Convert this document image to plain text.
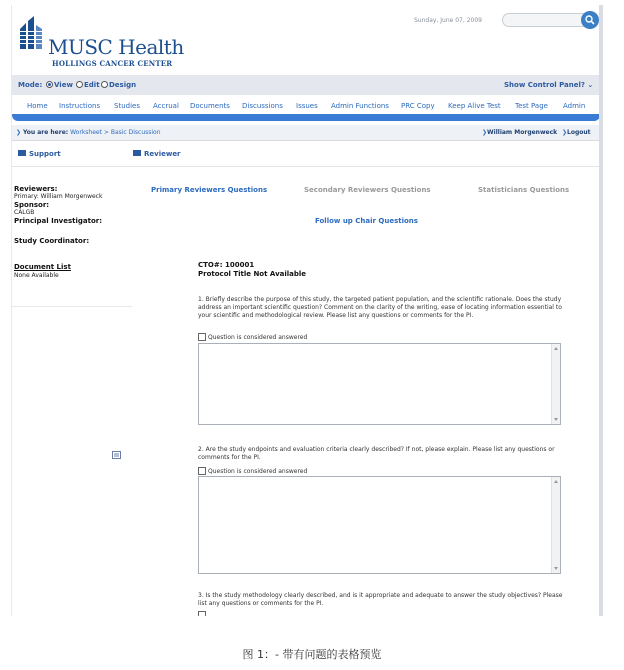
MUSC Health
HOLLINGS CANCER CENTER
Sunday, June 07, 2009
Mode:	View	Edit	Design	Show Control Panel? ⌄
Home Instructions Studies Accrual Documents Discussions Issues Admin Functions PRC Copy Keep Alive Test Test Page Admin
❯ You are here: Worksheet > Basic Discussion	❯William Morgenweck ❯Logout
Support	Reviewer
Reviewers:
Primary: William Morgenweck
Sponsor:
CALGB
Principal Investigator:
Study Coordinator:
Document List
None Available
Primary Reviewers Questions	Secondary Reviewers Questions	Statisticians Questions
Follow up Chair Questions
CTO#: 100001
Protocol Title Not Available
1. Briefly describe the purpose of this study, the targeted patient population, and the scientific rationale. Does the study address an important scientific question? Comment on the clarity of the writing, ease of locating information essential to your scientific and methodological review. Please list any questions or comments for the PI.
Question is considered answered
2. Are the study endpoints and evaluation criteria clearly described? If not, please explain. Please list any questions or comments for the PI.
Question is considered answered
3. Is the study methodology clearly described, and is it appropriate and adequate to answer the study objectives? Please list any questions or comments for the PI.
图 1：- 带有问题的表格预览
